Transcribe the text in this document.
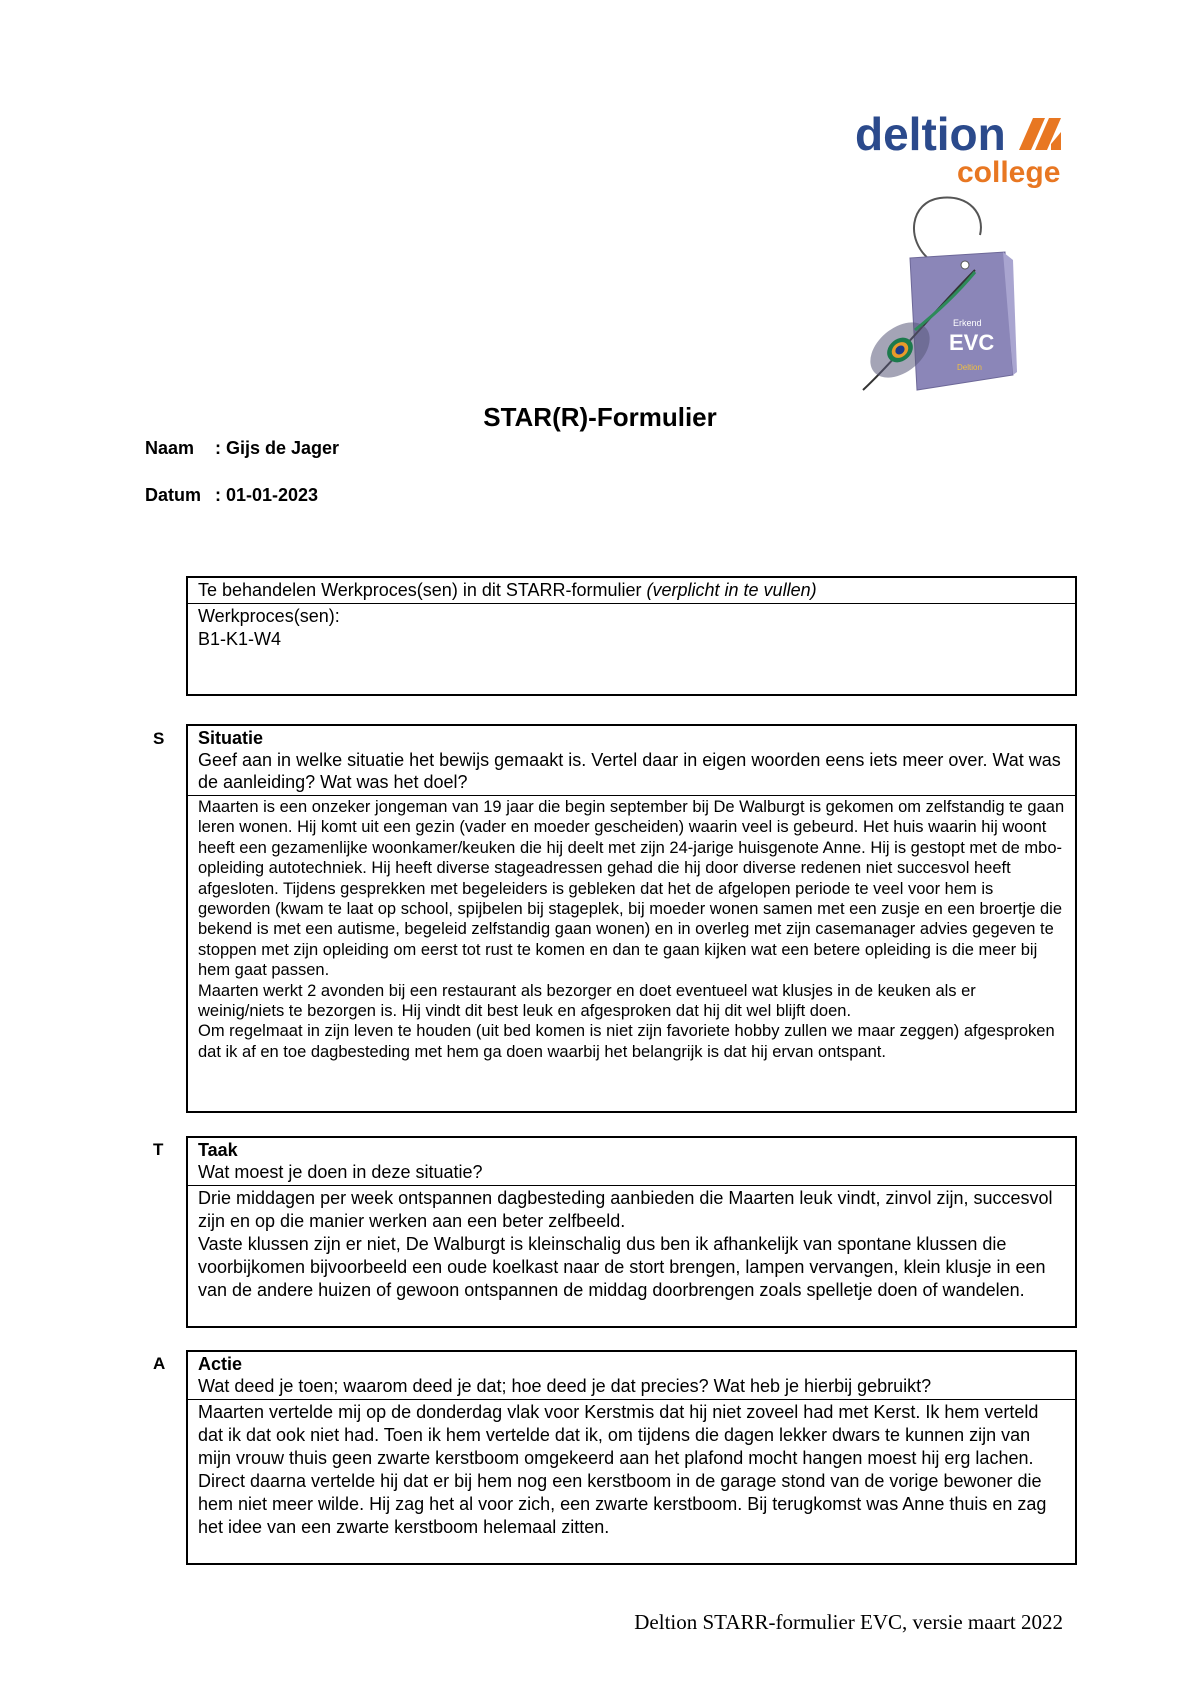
deltion
college
Erkend
EVC
Deltion
STAR(R)-Formulier
Naam : Gijs de Jager
Datum : 01-01-2023
Te behandelen Werkproces(sen) in dit STARR-formulier (verplicht in te vullen)
Werkproces(sen):
B1-K1-W4
S Situatie
Geef aan in welke situatie het bewijs gemaakt is. Vertel daar in eigen woorden eens iets meer over. Wat was de aanleiding? Wat was het doel?

Maarten is een onzeker jongeman van 19 jaar die begin september bij De Walburgt is gekomen om zelfstandig te gaan leren wonen. Hij komt uit een gezin (vader en moeder gescheiden) waarin veel is gebeurd. Het huis waarin hij woont heeft een gezamenlijke woonkamer/keuken die hij deelt met zijn 24-jarige huisgenote Anne. Hij is gestopt met de mbo-opleiding autotechniek. Hij heeft diverse stageadressen gehad die hij door diverse redenen niet succesvol heeft afgesloten. Tijdens gesprekken met begeleiders is gebleken dat het de afgelopen periode te veel voor hem is geworden (kwam te laat op school, spijbelen bij stageplek, bij moeder wonen samen met een zusje en een broertje die bekend is met een autisme, begeleid zelfstandig gaan wonen) en in overleg met zijn casemanager advies gegeven te stoppen met zijn opleiding om eerst tot rust te komen en dan te gaan kijken wat een betere opleiding is die meer bij hem gaat passen.

Maarten werkt 2 avonden bij een restaurant als bezorger en doet eventueel wat klusjes in de keuken als er weinig/niets te bezorgen is. Hij vindt dit best leuk en afgesproken dat hij dit wel blijft doen.

Om regelmaat in zijn leven te houden (uit bed komen is niet zijn favoriete hobby zullen we maar zeggen) afgesproken dat ik af en toe dagbesteding met hem ga doen waarbij het belangrijk is dat hij ervan ontspant.

T Taak
Wat moest je doen in deze situatie?

Drie middagen per week ontspannen dagbesteding aanbieden die Maarten leuk vindt, zinvol zijn, succesvol zijn en op die manier werken aan een beter zelfbeeld.

Vaste klussen zijn er niet, De Walburgt is kleinschalig dus ben ik afhankelijk van spontane klussen die voorbijkomen bijvoorbeeld een oude koelkast naar de stort brengen, lampen vervangen, klein klusje in een van de andere huizen of gewoon ontspannen de middag doorbrengen zoals spelletje doen of wandelen.

A Actie
Wat deed je toen; waarom deed je dat; hoe deed je dat precies? Wat heb je hierbij gebruikt?

Maarten vertelde mij op de donderdag vlak voor Kerstmis dat hij niet zoveel had met Kerst. Ik hem verteld dat ik dat ook niet had. Toen ik hem vertelde dat ik, om tijdens die dagen lekker dwars te kunnen zijn van mijn vrouw thuis geen zwarte kerstboom omgekeerd aan het plafond mocht hangen moest hij erg lachen. Direct daarna vertelde hij dat er bij hem nog een kerstboom in de garage stond van de vorige bewoner die hem niet meer wilde. Hij zag het al voor zich, een zwarte kerstboom. Bij terugkomst was Anne thuis en zag het idee van een zwarte kerstboom helemaal zitten.

Deltion STARR-formulier EVC, versie maart 2022
